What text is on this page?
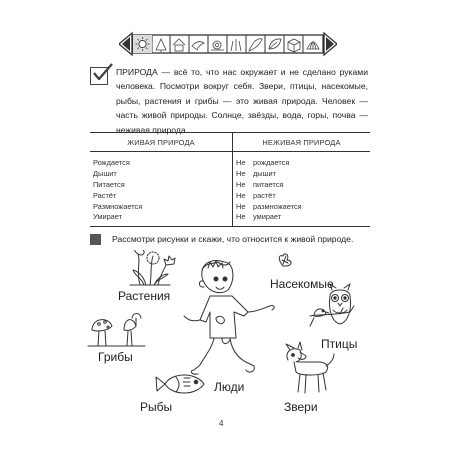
ПРИРОДА — всё то, что нас окружает и не сделано руками человека. Посмотри вокруг себя. Звери, птицы, насекомые, рыбы, растения и грибы — это живая природа. Человек — часть живой природы. Солнце, звёзды, вода, горы, почва — неживая природа.
ЖИВАЯ ПРИРОДА	НЕЖИВАЯ ПРИРОДА
Рождается	Не рождается
Дышит	Не дышит
Питается	Не питается
Растёт	Не растёт
Размножается	Не размножается
Умирает	Не умирает
Рассмотри рисунки и скажи, что относится к живой природе.
Растения
Насекомые
Грибы
Птицы
Рыбы
Люди
Звери
4
